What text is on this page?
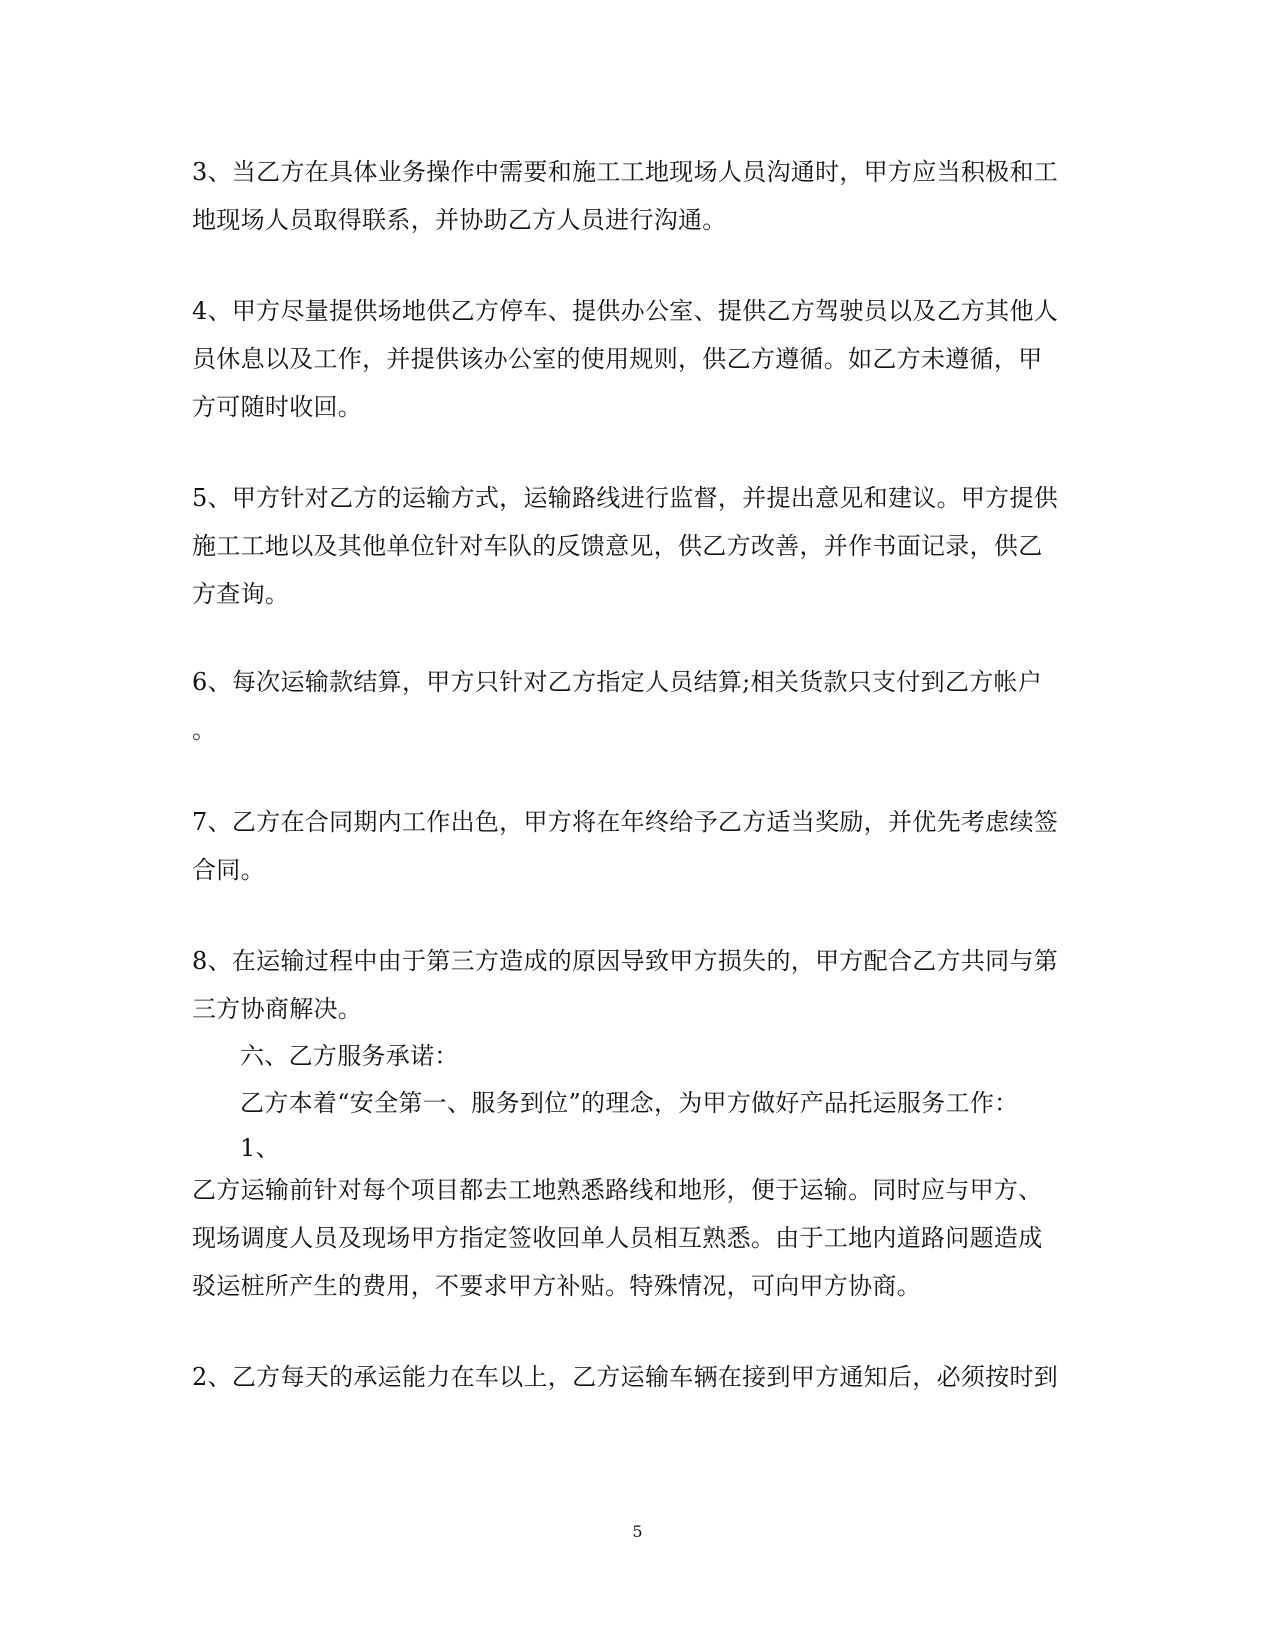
3、当乙方在具体业务操作中需要和施工工地现场人员沟通时，甲方应当积极和工
地现场人员取得联系，并协助乙方人员进行沟通。

4、甲方尽量提供场地供乙方停车、提供办公室、提供乙方驾驶员以及乙方其他人
员休息以及工作，并提供该办公室的使用规则，供乙方遵循。如乙方未遵循，甲
方可随时收回。

5、甲方针对乙方的运输方式，运输路线进行监督，并提出意见和建议。甲方提供
施工工地以及其他单位针对车队的反馈意见，供乙方改善，并作书面记录，供乙
方查询。

6、每次运输款结算，甲方只针对乙方指定人员结算;相关货款只支付到乙方帐户
。

7、乙方在合同期内工作出色，甲方将在年终给予乙方适当奖励，并优先考虑续签
合同。

8、在运输过程中由于第三方造成的原因导致甲方损失的，甲方配合乙方共同与第
三方协商解决。

六、乙方服务承诺：

乙方本着“安全第一、服务到位”的理念，为甲方做好产品托运服务工作：

1、

乙方运输前针对每个项目都去工地熟悉路线和地形，便于运输。同时应与甲方、
现场调度人员及现场甲方指定签收回单人员相互熟悉。由于工地内道路问题造成
驳运桩所产生的费用，不要求甲方补贴。特殊情况，可向甲方协商。

2、乙方每天的承运能力在车以上，乙方运输车辆在接到甲方通知后，必须按时到

5
